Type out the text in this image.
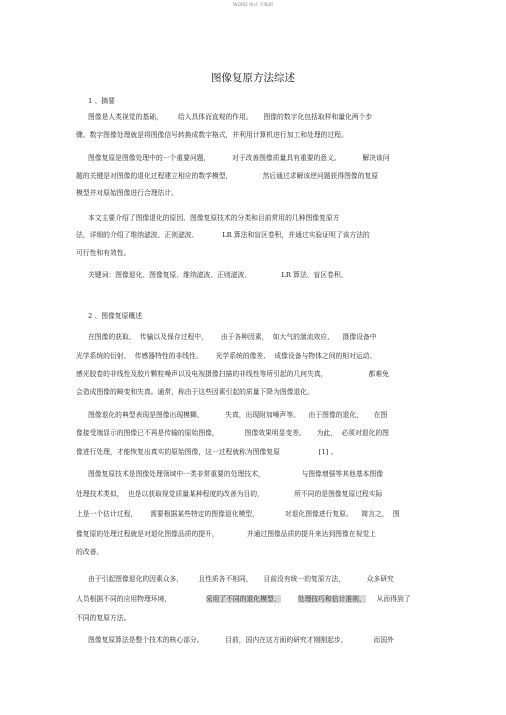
WORD 格式 可编辑
图像复原方法综述
1 、摘要
图像是人类视觉的基础，       给人具体而直观的作用。     图像的数字化包括取样和量化两个步
骤。数字图像处理就是将图像信号转换成数字格式，并利用计算机进行加工和处理的过程。
图像复原是图像处理中的一个重要问题，          对于改善图像质量具有重要的意义。          解决该问
题的关键是对图像的退化过程建立相应的数学模型，              然后通过求解该逆问题获得图像的复原
模型并对原始图像进行合理估计。
本文主要介绍了图像退化的原因、图像复原技术的分类和目前常用的几种图像复原方
法，详细的介绍了维纳滤波、正则滤波、           LR 算法和盲区卷积，并通过实验证明了该方法的
可行性和有效性。
关键词：图像退化、图像复原、维纳滤波、正则滤波、              LR 算法、盲区卷积、
2 、图像复原概述
在图像的获取、  传输以及保存过程中，      由于各种因素，  如大气的湍流效应、    摄像设备中
光学系统的衍射、  传感器特性的非线性、      光学系统的像差、  成像设备与物体之间的相对运动、
感光胶卷的非线性及胶片颗粒噪声以及电视摄像扫描的非线性等所引起的几何失真，                   都难免
会造成图像的畸变和失真。通常，称由于这些因素引起的质量下降为图像退化。
图像退化的典型表现是图像出现模糊、          失真，出现附加噪声等。    由于图像的退化，     在图
像接受端显示的图像已不再是传输的原始图像，            图像效果明显变差。     为此，  必须对退化的图
像进行处理，才能恢复出真实的原始图像，这一过程就称为图像复原                  [1] 。
图像复原技术是图像处理领域中一类非常重要的处理技术，                 与图像增强等其他基本图像
处理技术类似，  也是以获取视觉质量某种程度的改善为目的，              所不同的是图像复原过程实际
上是一个估计过程，      需要根据某些特定的图像退化模型，            对退化图像进行复原。    简言之，  图
像复原的处理过程就是对退化图像品质的提升，             并通过图像品质的提升来达到图像在视觉上
的改善。
由于引起图像退化的因素众多，       且性质各不相同，     目前没有统一的复原方法，          众多研究
人员根据不同的应用物理环境，	采用了不同的退化模型、	处理技巧和估计准则， 从而得到了
不同的复原方法。
图像复原算法是整个技术的核心部分。          目前，国内在这方面的研究才刚刚起步，            而国外
